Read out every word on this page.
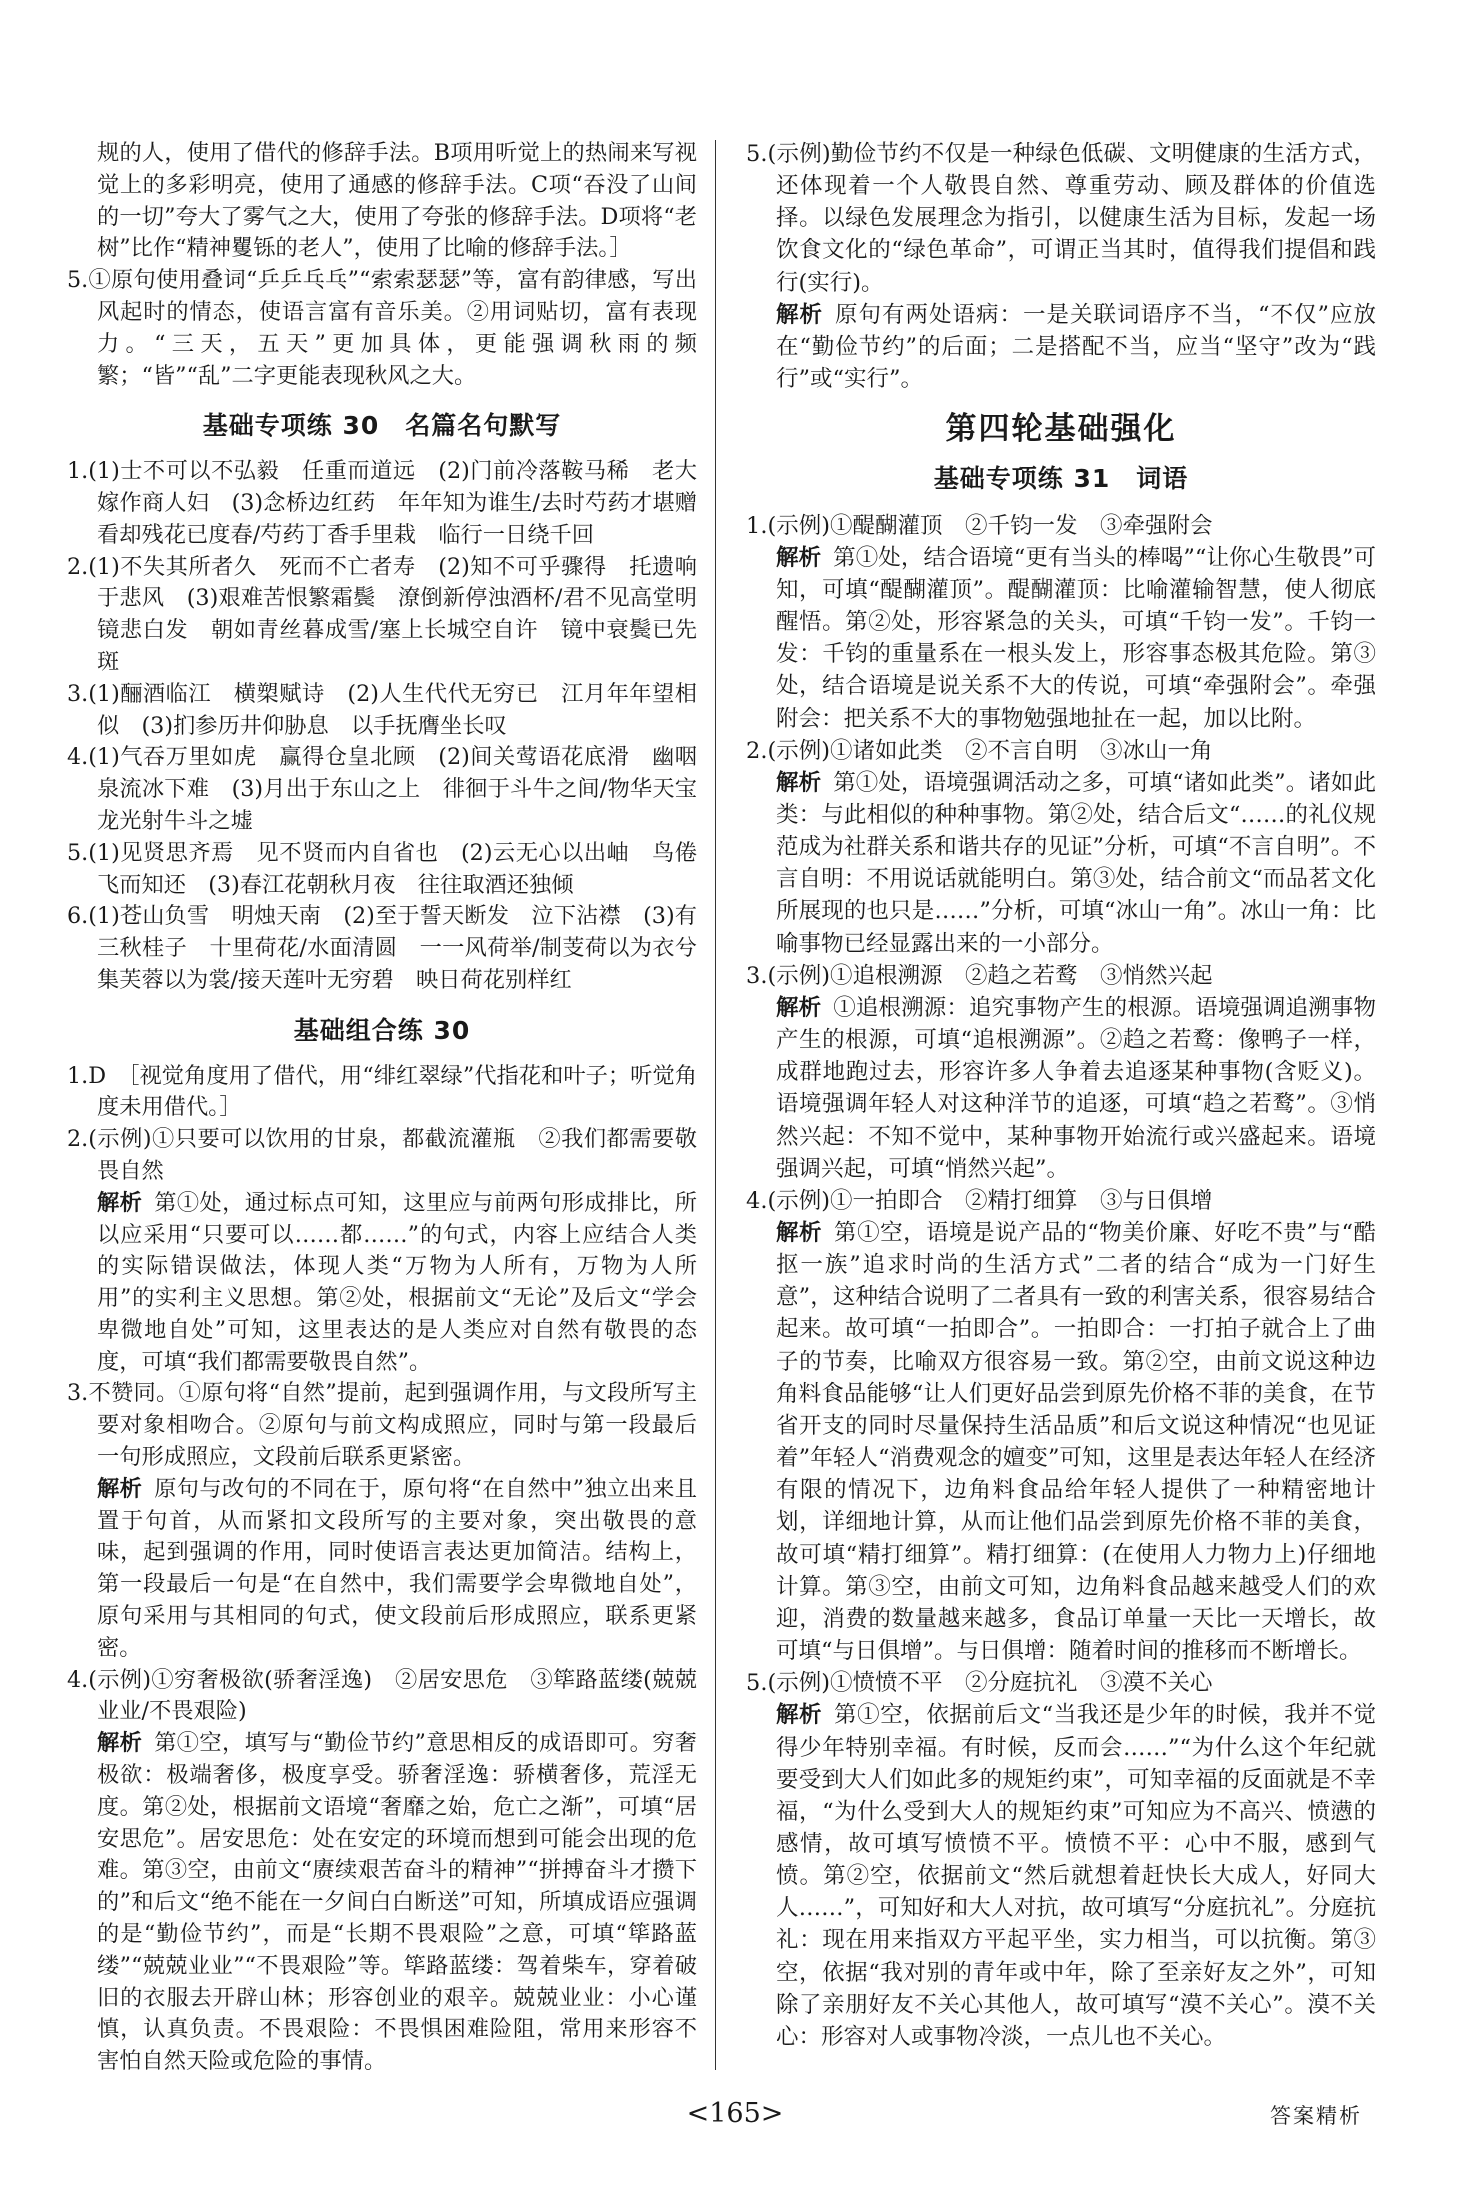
规的人，使用了借代的修辞手法。B项用听觉上的热闹来写视觉上的多彩明亮，使用了通感的修辞手法。C项“吞没了山间的一切”夸大了雾气之大，使用了夸张的修辞手法。D项将“老树”比作“精神矍铄的老人”，使用了比喻的修辞手法。］

5.①原句使用叠词“乒乒乓乓”“索索瑟瑟”等，富有韵律感，写出风起时的情态，使语言富有音乐美。②用词贴切，富有表现力。“三天，五天”更加具体，更能强调秋雨的频繁；“皆”“乱”二字更能表现秋风之大。

基础专项练 30　名篇名句默写

1.(1)士不可以不弘毅　任重而道远　(2)门前冷落鞍马稀　老大嫁作商人妇　(3)念桥边红药　年年知为谁生/去时芍药才堪赠　看却残花已度春/芍药丁香手里栽　临行一日绕千回

2.(1)不失其所者久　死而不亡者寿　(2)知不可乎骤得　托遗响于悲风　(3)艰难苦恨繁霜鬓　潦倒新停浊酒杯/君不见高堂明镜悲白发　朝如青丝暮成雪/塞上长城空自许　镜中衰鬓已先斑

3.(1)酾酒临江　横槊赋诗　(2)人生代代无穷已　江月年年望相似　(3)扪参历井仰胁息　以手抚膺坐长叹

4.(1)气吞万里如虎　赢得仓皇北顾　(2)间关莺语花底滑　幽咽泉流冰下难　(3)月出于东山之上　徘徊于斗牛之间/物华天宝　龙光射牛斗之墟

5.(1)见贤思齐焉　见不贤而内自省也　(2)云无心以出岫　鸟倦飞而知还　(3)春江花朝秋月夜　往往取酒还独倾

6.(1)苍山负雪　明烛天南　(2)至于誓天断发　泣下沾襟　(3)有三秋桂子　十里荷花/水面清圆　一一风荷举/制芰荷以为衣兮　集芙蓉以为裳/接天莲叶无穷碧　映日荷花别样红

基础组合练 30

1.D　［视觉角度用了借代，用“绯红翠绿”代指花和叶子；听觉角度未用借代。］

2.(示例)①只要可以饮用的甘泉，都截流灌瓶　②我们都需要敬畏自然

解析 第①处，通过标点可知，这里应与前两句形成排比，所以应采用“只要可以……都……”的句式，内容上应结合人类的实际错误做法，体现人类“万物为人所有，万物为人所用”的实利主义思想。第②处，根据前文“无论”及后文“学会卑微地自处”可知，这里表达的是人类应对自然有敬畏的态度，可填“我们都需要敬畏自然”。

3.不赞同。①原句将“自然”提前，起到强调作用，与文段所写主要对象相吻合。②原句与前文构成照应，同时与第一段最后一句形成照应，文段前后联系更紧密。

解析 原句与改句的不同在于，原句将“在自然中”独立出来且置于句首，从而紧扣文段所写的主要对象，突出敬畏的意味，起到强调的作用，同时使语言表达更加简洁。结构上，第一段最后一句是“在自然中，我们需要学会卑微地自处”，原句采用与其相同的句式，使文段前后形成照应，联系更紧密。

4.(示例)①穷奢极欲(骄奢淫逸)　②居安思危　③筚路蓝缕(兢兢业业/不畏艰险)

解析 第①空，填写与“勤俭节约”意思相反的成语即可。穷奢极欲：极端奢侈，极度享受。骄奢淫逸：骄横奢侈，荒淫无度。第②处，根据前文语境“奢靡之始，危亡之渐”，可填“居安思危”。居安思危：处在安定的环境而想到可能会出现的危难。第③空，由前文“赓续艰苦奋斗的精神”“拼搏奋斗才攒下的”和后文“绝不能在一夕间白白断送”可知，所填成语应强调的是“勤俭节约”，而是“长期不畏艰险”之意，可填“筚路蓝缕”“兢兢业业”“不畏艰险”等。筚路蓝缕：驾着柴车，穿着破旧的衣服去开辟山林；形容创业的艰辛。兢兢业业：小心谨慎，认真负责。不畏艰险：不畏惧困难险阻，常用来形容不害怕自然天险或危险的事情。

5.(示例)勤俭节约不仅是一种绿色低碳、文明健康的生活方式，还体现着一个人敬畏自然、尊重劳动、顾及群体的价值选择。以绿色发展理念为指引，以健康生活为目标，发起一场饮食文化的“绿色革命”，可谓正当其时，值得我们提倡和践行(实行)。

解析 原句有两处语病：一是关联词语序不当，“不仅”应放在“勤俭节约”的后面；二是搭配不当，应当“坚守”改为“践行”或“实行”。

第四轮基础强化
基础专项练 31　词语

1.(示例)①醍醐灌顶　②千钧一发　③牵强附会

解析 第①处，结合语境“更有当头的棒喝”“让你心生敬畏”可知，可填“醍醐灌顶”。醍醐灌顶：比喻灌输智慧，使人彻底醒悟。第②处，形容紧急的关头，可填“千钧一发”。千钧一发：千钧的重量系在一根头发上，形容事态极其危险。第③处，结合语境是说关系不大的传说，可填“牵强附会”。牵强附会：把关系不大的事物勉强地扯在一起，加以比附。

2.(示例)①诸如此类　②不言自明　③冰山一角

解析 第①处，语境强调活动之多，可填“诸如此类”。诸如此类：与此相似的种种事物。第②处，结合后文“……的礼仪规范成为社群关系和谐共存的见证”分析，可填“不言自明”。不言自明：不用说话就能明白。第③处，结合前文“而品茗文化所展现的也只是……”分析，可填“冰山一角”。冰山一角：比喻事物已经显露出来的一小部分。

3.(示例)①追根溯源　②趋之若鹜　③悄然兴起

解析 ①追根溯源：追究事物产生的根源。语境强调追溯事物产生的根源，可填“追根溯源”。②趋之若鹜：像鸭子一样，成群地跑过去，形容许多人争着去追逐某种事物(含贬义)。语境强调年轻人对这种洋节的追逐，可填“趋之若鹜”。③悄然兴起：不知不觉中，某种事物开始流行或兴盛起来。语境强调兴起，可填“悄然兴起”。

4.(示例)①一拍即合　②精打细算　③与日俱增

解析 第①空，语境是说产品的“物美价廉、好吃不贵”与“酷抠一族”追求时尚的生活方式”二者的结合“成为一门好生意”，这种结合说明了二者具有一致的利害关系，很容易结合起来。故可填“一拍即合”。一拍即合：一打拍子就合上了曲子的节奏，比喻双方很容易一致。第②空，由前文说这种边角料食品能够“让人们更好品尝到原先价格不菲的美食，在节省开支的同时尽量保持生活品质”和后文说这种情况“也见证着”年轻人“消费观念的嬗变”可知，这里是表达年轻人在经济有限的情况下，边角料食品给年轻人提供了一种精密地计划，详细地计算，从而让他们品尝到原先价格不菲的美食，故可填“精打细算”。精打细算：(在使用人力物力上)仔细地计算。第③空，由前文可知，边角料食品越来越受人们的欢迎，消费的数量越来越多，食品订单量一天比一天增长，故可填“与日俱增”。与日俱增：随着时间的推移而不断增长。

5.(示例)①愤愤不平　②分庭抗礼　③漠不关心

解析 第①空，依据前后文“当我还是少年的时候，我并不觉得少年特别幸福。有时候，反而会……”“为什么这个年纪就要受到大人们如此多的规矩约束”，可知幸福的反面就是不幸福，“为什么受到大人的规矩约束”可知应为不高兴、愤懑的感情，故可填写愤愤不平。愤愤不平：心中不服，感到气愤。第②空，依据前文“然后就想着赶快长大成人，好同大人……”，可知好和大人对抗，故可填写“分庭抗礼”。分庭抗礼：现在用来指双方平起平坐，实力相当，可以抗衡。第③空，依据“我对别的青年或中年，除了至亲好友之外”，可知除了亲朋好友不关心其他人，故可填写“漠不关心”。漠不关心：形容对人或事物冷淡，一点儿也不关心。

<165>	答案精析
